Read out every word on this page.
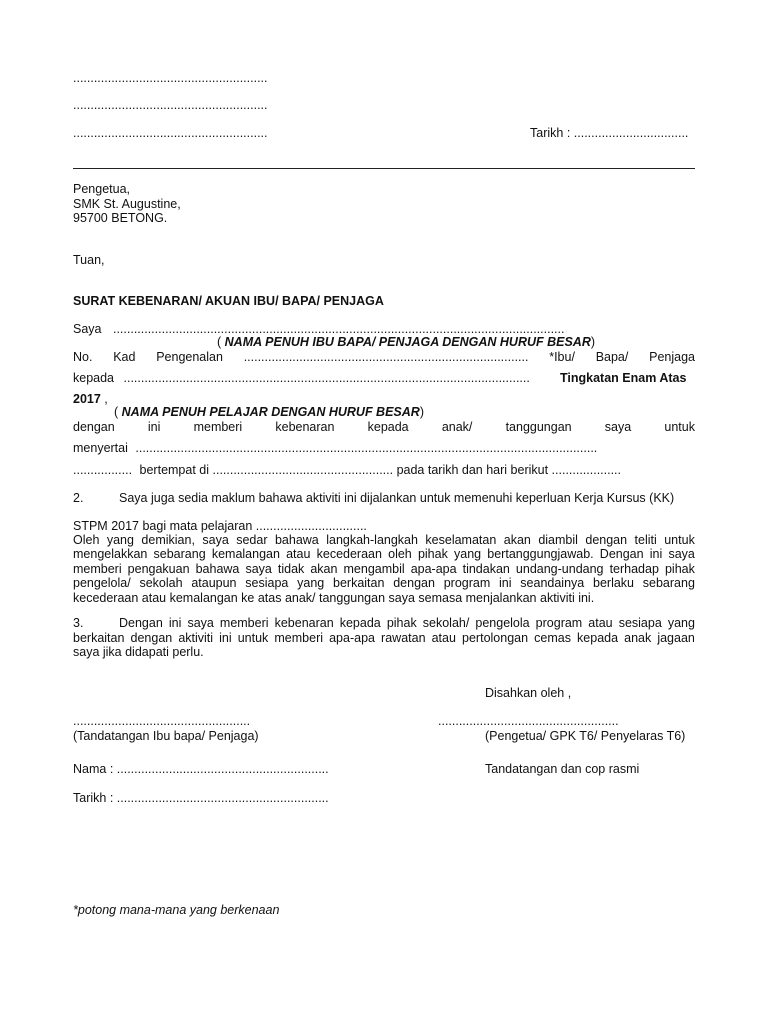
........................................................
........................................................
........................................................	Tarikh : .................................
Pengetua,
SMK St. Augustine,
95700 BETONG.
Tuan,
SURAT KEBENARAN/ AKUAN IBU/ BAPA/ PENJAGA
Saya ..................................................................................................................................
( NAMA PENUH IBU BAPA/ PENJAGA DENGAN HURUF BESAR)
No. Kad Pengenalan .................................................................................. *Ibu/ Bapa/ Penjaga
kepada ..................................................................................................................... Tingkatan Enam Atas
2017 ,
( NAMA PENUH PELAJAR DENGAN HURUF BESAR)
dengan	ini	memberi	kebenaran	kepada	anak/	tanggungan	saya	untuk
menyertai .....................................................................................................................................
................. bertempat di .................................................... pada tarikh dan hari berikut ....................
2.	Saya juga sedia maklum bahawa aktiviti ini dijalankan untuk memenuhi keperluan Kerja Kursus (KK)
STPM 2017 bagi mata pelajaran ................................
Oleh yang demikian, saya sedar bahawa langkah-langkah keselamatan akan diambil dengan teliti untuk
mengelakkan sebarang kemalangan atau kecederaan oleh pihak yang bertanggungjawab. Dengan ini saya
memberi pengakuan bahawa saya tidak akan mengambil apa-apa tindakan undang-undang terhadap pihak
pengelola/ sekolah ataupun sesiapa yang berkaitan dengan program ini seandainya berlaku sebarang
kecederaan atau kemalangan ke atas anak/ tanggungan saya semasa menjalankan aktiviti ini.
3.	Dengan ini saya memberi kebenaran kepada pihak sekolah/ pengelola program atau sesiapa yang
berkaitan dengan aktiviti ini untuk memberi apa-apa rawatan atau pertolongan cemas kepada anak jagaan
saya jika didapati perlu.
Disahkan oleh ,
...................................................
(Tandatangan Ibu bapa/ Penjaga)
....................................................
(Pengetua/ GPK T6/ Penyelaras T6)
Nama : .............................................................	Tandatangan dan cop rasmi
Tarikh : .............................................................
*potong mana-mana yang berkenaan
